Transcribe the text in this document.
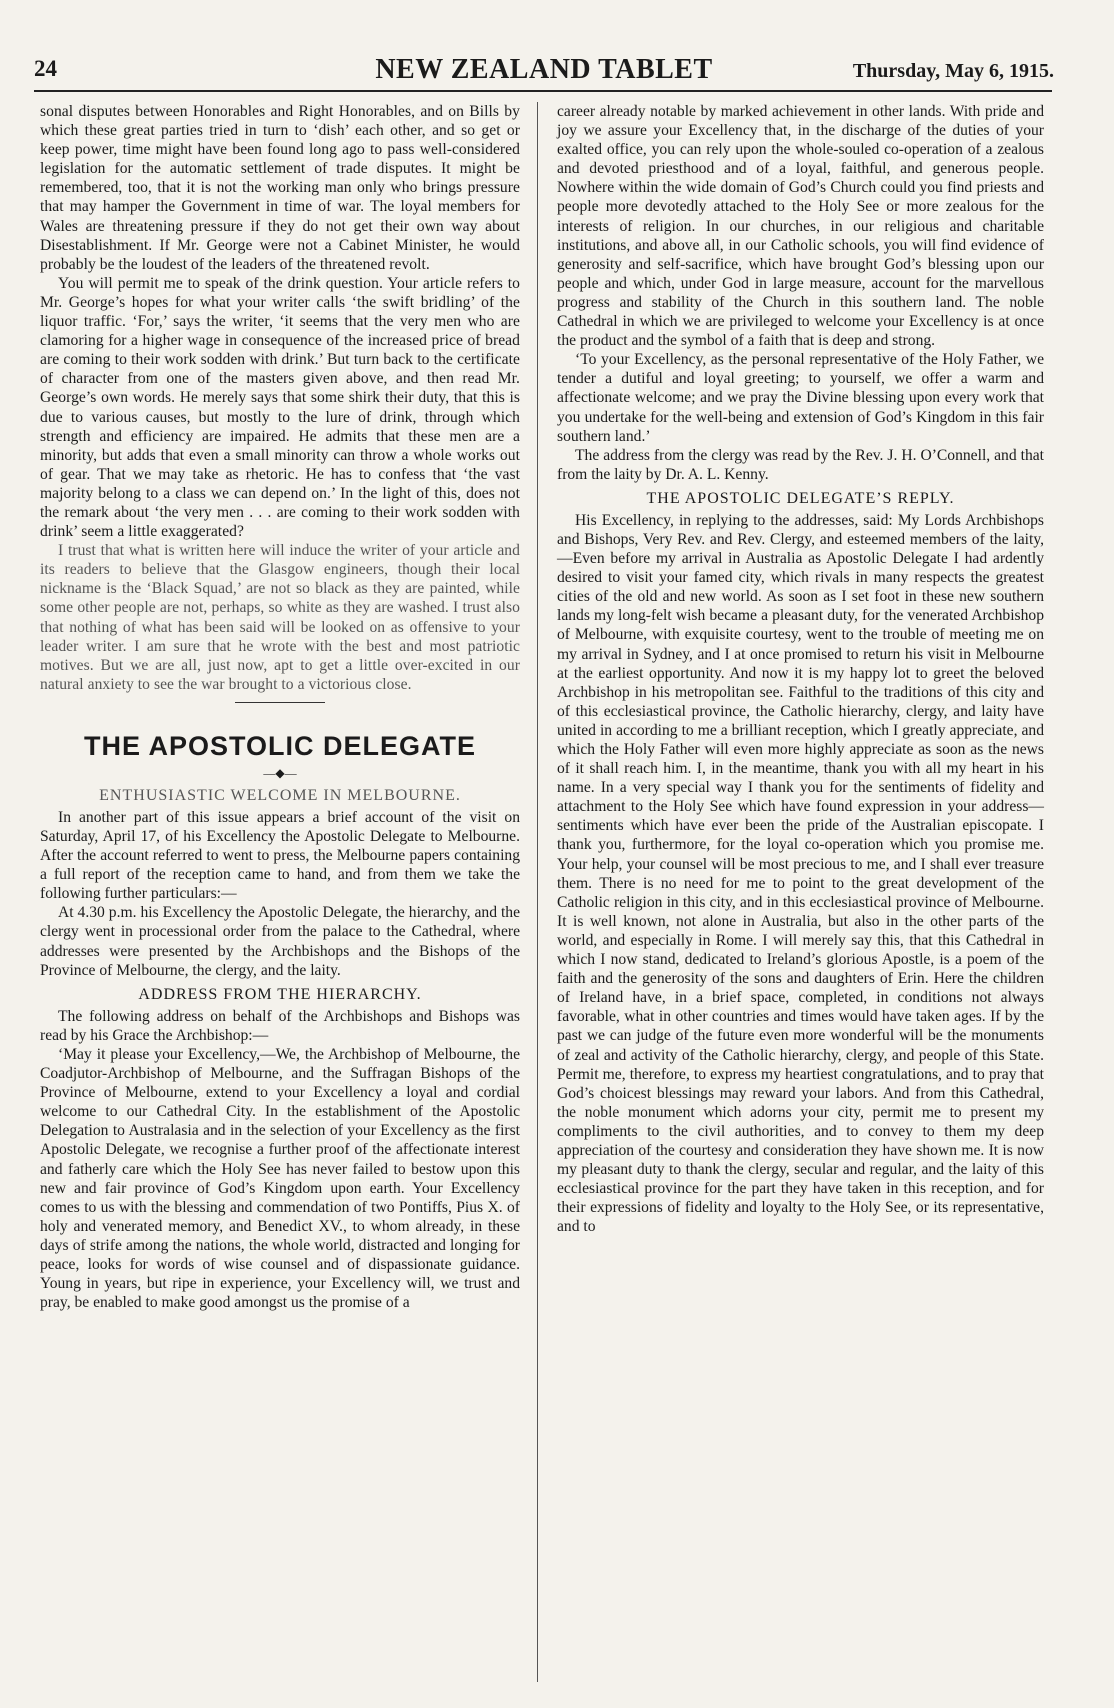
24	NEW ZEALAND TABLET	Thursday, May 6, 1915.

sonal disputes between Honorables and Right Honorables, and on Bills by which these great parties tried in turn to ‘dish’ each other, and so get or keep power, time might have been found long ago to pass well-considered legislation for the automatic settlement of trade disputes. It might be remembered, too, that it is not the working man only who brings pressure that may hamper the Government in time of war. The loyal members for Wales are threatening pressure if they do not get their own way about Disestablishment. If Mr. George were not a Cabinet Minister, he would probably be the loudest of the leaders of the threatened revolt.

You will permit me to speak of the drink question. Your article refers to Mr. George’s hopes for what your writer calls ‘the swift bridling’ of the liquor traffic. ‘For,’ says the writer, ‘it seems that the very men who are clamoring for a higher wage in consequence of the increased price of bread are coming to their work sodden with drink.’ But turn back to the certificate of character from one of the masters given above, and then read Mr. George’s own words. He merely says that some shirk their duty, that this is due to various causes, but mostly to the lure of drink, through which strength and efficiency are impaired. He admits that these men are a minority, but adds that even a small minority can throw a whole works out of gear. That we may take as rhetoric. He has to confess that ‘the vast majority belong to a class we can depend on.’ In the light of this, does not the remark about ‘the very men . . . are coming to their work sodden with drink’ seem a little exaggerated?

I trust that what is written here will induce the writer of your article and its readers to believe that the Glasgow engineers, though their local nickname is the ‘Black Squad,’ are not so black as they are painted, while some other people are not, perhaps, so white as they are washed. I trust also that nothing of what has been said will be looked on as offensive to your leader writer. I am sure that he wrote with the best and most patriotic motives. But we are all, just now, apt to get a little over-excited in our natural anxiety to see the war brought to a victorious close.

THE APOSTOLIC DELEGATE
—◆—
ENTHUSIASTIC WELCOME IN MELBOURNE.

In another part of this issue appears a brief account of the visit on Saturday, April 17, of his Excellency the Apostolic Delegate to Melbourne. After the account referred to went to press, the Melbourne papers containing a full report of the reception came to hand, and from them we take the following further particulars:—

At 4.30 p.m. his Excellency the Apostolic Delegate, the hierarchy, and the clergy went in processional order from the palace to the Cathedral, where addresses were presented by the Archbishops and the Bishops of the Province of Melbourne, the clergy, and the laity.

ADDRESS FROM THE HIERARCHY.

The following address on behalf of the Archbishops and Bishops was read by his Grace the Archbishop:—

‘May it please your Excellency,—We, the Archbishop of Melbourne, the Coadjutor-Archbishop of Melbourne, and the Suffragan Bishops of the Province of Melbourne, extend to your Excellency a loyal and cordial welcome to our Cathedral City. In the establishment of the Apostolic Delegation to Australasia and in the selection of your Excellency as the first Apostolic Delegate, we recognise a further proof of the affectionate interest and fatherly care which the Holy See has never failed to bestow upon this new and fair province of God’s Kingdom upon earth. Your Excellency comes to us with the blessing and commendation of two Pontiffs, Pius X. of holy and venerated memory, and Benedict XV., to whom already, in these days of strife among the nations, the whole world, distracted and longing for peace, looks for words of wise counsel and of dispassionate guidance. Young in years, but ripe in experience, your Excellency will, we trust and pray, be enabled to make good amongst us the promise of a

career already notable by marked achievement in other lands. With pride and joy we assure your Excellency that, in the discharge of the duties of your exalted office, you can rely upon the whole-souled co-operation of a zealous and devoted priesthood and of a loyal, faithful, and generous people. Nowhere within the wide domain of God’s Church could you find priests and people more devotedly attached to the Holy See or more zealous for the interests of religion. In our churches, in our religious and charitable institutions, and above all, in our Catholic schools, you will find evidence of generosity and self-sacrifice, which have brought God’s blessing upon our people and which, under God in large measure, account for the marvellous progress and stability of the Church in this southern land. The noble Cathedral in which we are privileged to welcome your Excellency is at once the product and the symbol of a faith that is deep and strong.

‘To your Excellency, as the personal representative of the Holy Father, we tender a dutiful and loyal greeting; to yourself, we offer a warm and affectionate welcome; and we pray the Divine blessing upon every work that you undertake for the well-being and extension of God’s Kingdom in this fair southern land.’

The address from the clergy was read by the Rev. J. H. O’Connell, and that from the laity by Dr. A. L. Kenny.

THE APOSTOLIC DELEGATE’S REPLY.

His Excellency, in replying to the addresses, said: My Lords Archbishops and Bishops, Very Rev. and Rev. Clergy, and esteemed members of the laity,—Even before my arrival in Australia as Apostolic Delegate I had ardently desired to visit your famed city, which rivals in many respects the greatest cities of the old and new world. As soon as I set foot in these new southern lands my long-felt wish became a pleasant duty, for the venerated Archbishop of Melbourne, with exquisite courtesy, went to the trouble of meeting me on my arrival in Sydney, and I at once promised to return his visit in Melbourne at the earliest opportunity. And now it is my happy lot to greet the beloved Archbishop in his metropolitan see. Faithful to the traditions of this city and of this ecclesiastical province, the Catholic hierarchy, clergy, and laity have united in according to me a brilliant reception, which I greatly appreciate, and which the Holy Father will even more highly appreciate as soon as the news of it shall reach him. I, in the meantime, thank you with all my heart in his name. In a very special way I thank you for the sentiments of fidelity and attachment to the Holy See which have found expression in your address—sentiments which have ever been the pride of the Australian episcopate. I thank you, furthermore, for the loyal co-operation which you promise me. Your help, your counsel will be most precious to me, and I shall ever treasure them. There is no need for me to point to the great development of the Catholic religion in this city, and in this ecclesiastical province of Melbourne. It is well known, not alone in Australia, but also in the other parts of the world, and especially in Rome. I will merely say this, that this Cathedral in which I now stand, dedicated to Ireland’s glorious Apostle, is a poem of the faith and the generosity of the sons and daughters of Erin. Here the children of Ireland have, in a brief space, completed, in conditions not always favorable, what in other countries and times would have taken ages. If by the past we can judge of the future even more wonderful will be the monuments of zeal and activity of the Catholic hierarchy, clergy, and people of this State. Permit me, therefore, to express my heartiest congratulations, and to pray that God’s choicest blessings may reward your labors. And from this Cathedral, the noble monument which adorns your city, permit me to present my compliments to the civil authorities, and to convey to them my deep appreciation of the courtesy and consideration they have shown me. It is now my pleasant duty to thank the clergy, secular and regular, and the laity of this ecclesiastical province for the part they have taken in this reception, and for their expressions of fidelity and loyalty to the Holy See, or its representative, and to
